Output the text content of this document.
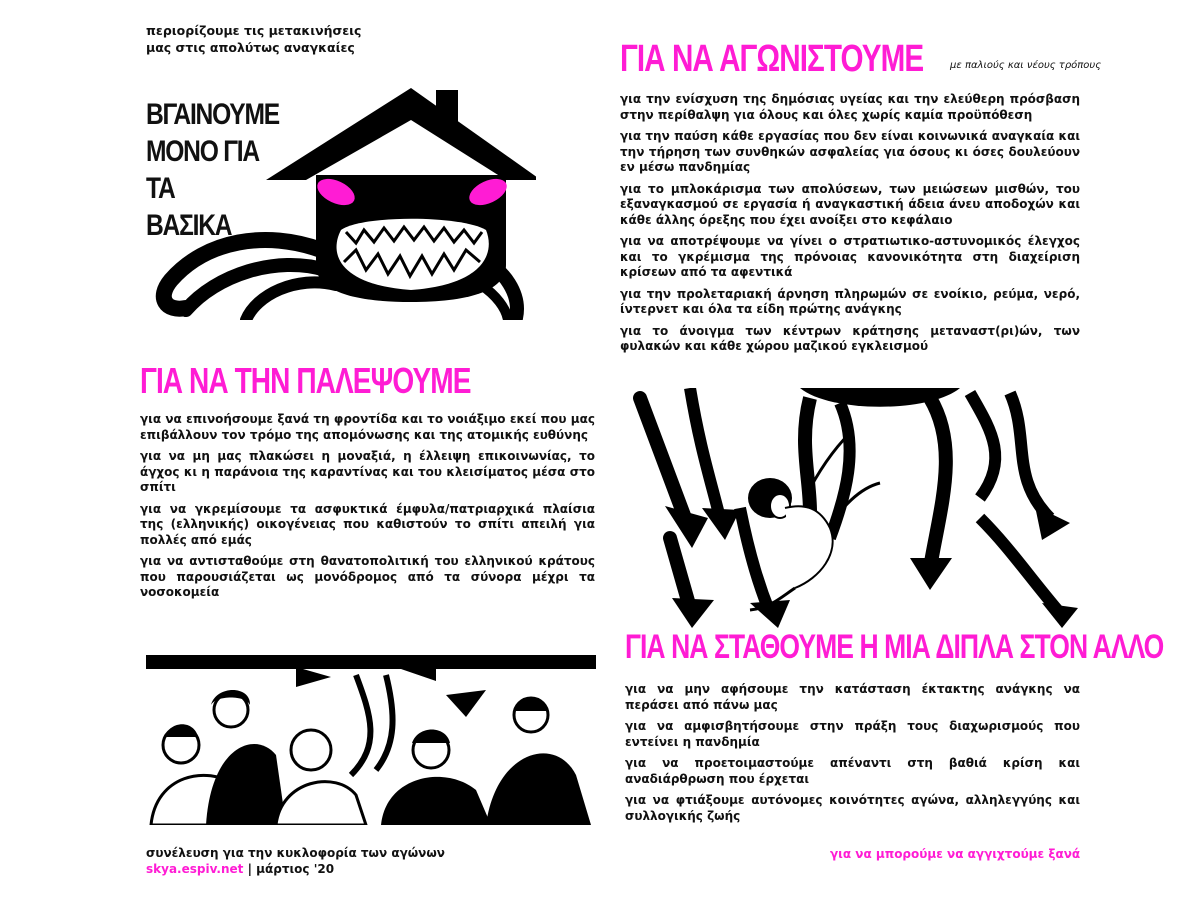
περιορίζουμε τις μετακινήσεις μας στις απολύτως αναγκαίες
ΒΓΑΙΝΟΥΜΕ
ΜΟΝΟ ΓΙΑ ΤΑ
ΒΑΣΙΚΑ
ΓΙΑ ΝΑ ΑΓΩΝΙΣΤΟΥΜΕ	με παλιούς και νέους τρόπους

για την ενίσχυση της δημόσιας υγείας και την ελεύθερη πρόσβαση στην περίθαλψη για όλους και όλες χωρίς καμία προϋπόθεση

για την παύση κάθε εργασίας που δεν είναι κοινωνικά αναγκαία και την τήρηση των συνθηκών ασφαλείας για όσους κι όσες δουλεύουν εν μέσω πανδημίας

για το μπλοκάρισμα των απολύσεων, των μειώσεων μισθών, του εξαναγκασμού σε εργασία ή αναγκαστική άδεια άνευ αποδοχών και κάθε άλλης όρεξης που έχει ανοίξει στο κεφάλαιο

για να αποτρέψουμε να γίνει ο στρατιωτικο-αστυνομικός έλεγχος και το γκρέμισμα της πρόνοιας κανονικότητα στη διαχείριση κρίσεων από τα αφεντικά

για την προλεταριακή άρνηση πληρωμών σε ενοίκιο, ρεύμα, νερό, ίντερνετ και όλα τα είδη πρώτης ανάγκης

για το άνοιγμα των κέντρων κράτησης μεταναστ(ρι)ών, των φυλακών και κάθε χώρου μαζικού εγκλεισμού

ΓΙΑ ΝΑ ΤΗΝ ΠΑΛΕΨΟΥΜΕ

για να επινοήσουμε ξανά τη φροντίδα και το νοιάξιμο εκεί που μας επιβάλλουν τον τρόμο της απομόνωσης και της ατομικής ευθύνης

για να μη μας πλακώσει η μοναξιά, η έλλειψη επικοινωνίας, το άγχος κι η παράνοια της καραντίνας και του κλεισίματος μέσα στο σπίτι

για να γκρεμίσουμε τα ασφυκτικά έμφυλα/πατριαρχικά πλαίσια της (ελληνικής) οικογένειας που καθιστούν το σπίτι απειλή για πολλές από εμάς

για να αντισταθούμε στη θανατοπολιτική του ελληνικού κράτους που παρουσιάζεται ως μονόδρομος από τα σύνορα μέχρι τα νοσοκομεία

ΓΙΑ ΝΑ ΣΤΑΘΟΥΜΕ Η ΜΙΑ ΔΙΠΛΑ ΣΤΟΝ ΑΛΛΟ

για να μην αφήσουμε την κατάσταση έκτακτης ανάγκης να περάσει από πάνω μας

για να αμφισβητήσουμε στην πράξη τους διαχωρισμούς που εντείνει η πανδημία

για να προετοιμαστούμε απέναντι στη βαθιά κρίση και αναδιάρθρωση που έρχεται

για να φτιάξουμε αυτόνομες κοινότητες αγώνα, αλληλεγγύης και συλλογικής ζωής

συνέλευση για την κυκλοφορία των αγώνων
skya.espiv.net | μάρτιος '20
για να μπορούμε να αγγιχτούμε ξανά
